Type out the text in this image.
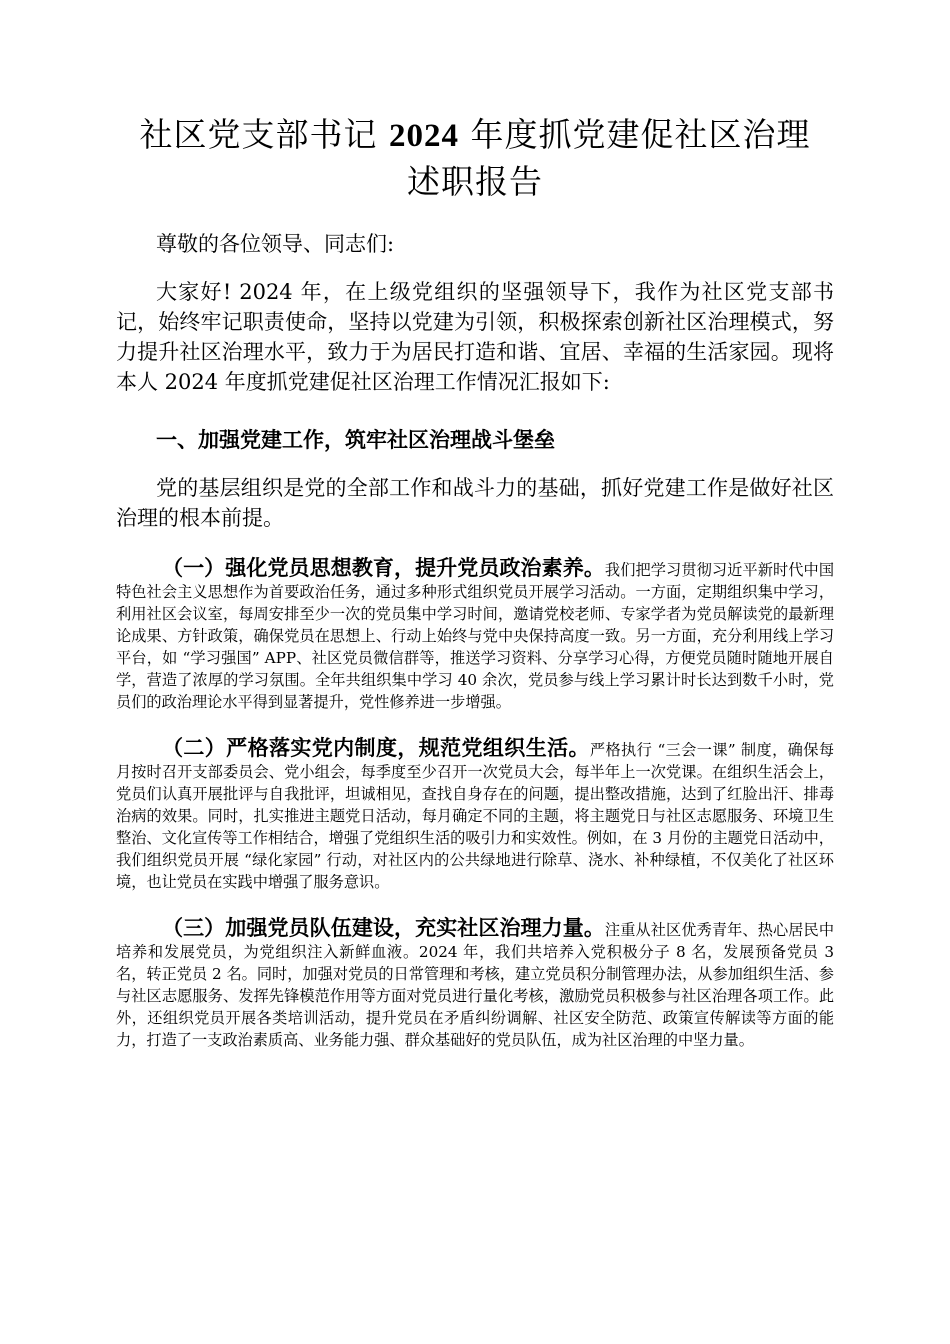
社区党支部书记 2024 年度抓党建促社区治理
述职报告

尊敬的各位领导、同志们:

大家好! 2024 年，在上级党组织的坚强领导下，我作为社区党支部书记，始终牢记职责使命，坚持以党建为引领，积极探索创新社区治理模式，努力提升社区治理水平，致力于为居民打造和谐、宜居、幸福的生活家园。现将本人 2024 年度抓党建促社区治理工作情况汇报如下:

一、加强党建工作，筑牢社区治理战斗堡垒

党的基层组织是党的全部工作和战斗力的基础，抓好党建工作是做好社区治理的根本前提。

（一）强化党员思想教育，提升党员政治素养。我们把学习贯彻习近平新时代中国特色社会主义思想作为首要政治任务，通过多种形式组织党员开展学习活动。一方面，定期组织集中学习，利用社区会议室，每周安排至少一次的党员集中学习时间，邀请党校老师、专家学者为党员解读党的最新理论成果、方针政策，确保党员在思想上、行动上始终与党中央保持高度一致。另一方面，充分利用线上学习平台，如 “学习强国” APP、社区党员微信群等，推送学习资料、分享学习心得，方便党员随时随地开展自学，营造了浓厚的学习氛围。全年共组织集中学习 40 余次，党员参与线上学习累计时长达到数千小时，党员们的政治理论水平得到显著提升，党性修养进一步增强。

（二）严格落实党内制度，规范党组织生活。严格执行 “三会一课” 制度，确保每月按时召开支部委员会、党小组会，每季度至少召开一次党员大会，每半年上一次党课。在组织生活会上，党员们认真开展批评与自我批评，坦诚相见，查找自身存在的问题，提出整改措施，达到了红脸出汗、排毒治病的效果。同时，扎实推进主题党日活动，每月确定不同的主题，将主题党日与社区志愿服务、环境卫生整治、文化宣传等工作相结合，增强了党组织生活的吸引力和实效性。例如，在 3 月份的主题党日活动中，我们组织党员开展 “绿化家园” 行动，对社区内的公共绿地进行除草、浇水、补种绿植，不仅美化了社区环境，也让党员在实践中增强了服务意识。

（三）加强党员队伍建设，充实社区治理力量。注重从社区优秀青年、热心居民中培养和发展党员，为党组织注入新鲜血液。2024 年，我们共培养入党积极分子 8 名，发展预备党员 3 名，转正党员 2 名。同时，加强对党员的日常管理和考核，建立党员积分制管理办法，从参加组织生活、参与社区志愿服务、发挥先锋模范作用等方面对党员进行量化考核，激励党员积极参与社区治理各项工作。此外，还组织党员开展各类培训活动，提升党员在矛盾纠纷调解、社区安全防范、政策宣传解读等方面的能力，打造了一支政治素质高、业务能力强、群众基础好的党员队伍，成为社区治理的中坚力量。
